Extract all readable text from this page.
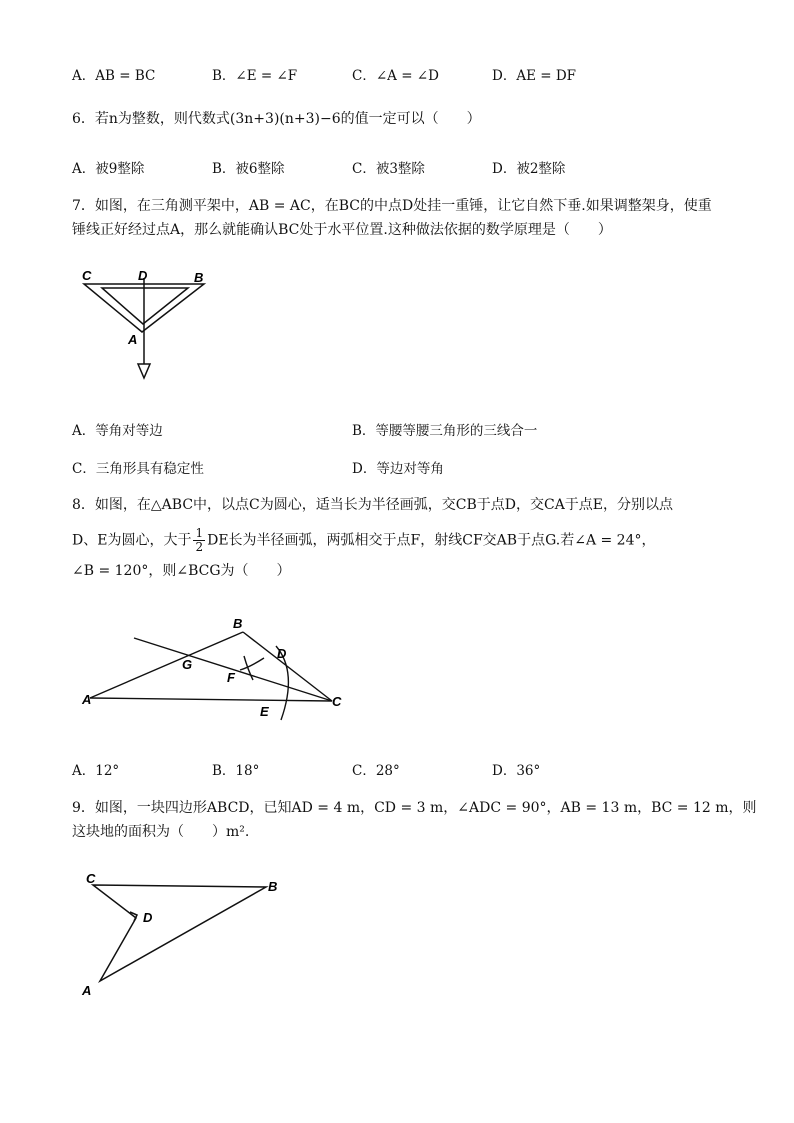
A．AB = BC	B．∠E = ∠F	C．∠A = ∠D	D．AE = DF
6．若n为整数，则代数式(3n+3)(n+3)−6的值一定可以（　　）
A．被9整除	B．被6整除	C．被3整除	D．被2整除
7．如图，在三角测平架中，AB = AC，在BC的中点D处挂一重锤，让它自然下垂.如果调整架身，使重
锤线正好经过点A，那么就能确认BC处于水平位置.这种做法依据的数学原理是（　　）
C	D	B
A
A．等角对等边	B．等腰等腰三角形的三线合一
C．三角形具有稳定性	D．等边对等角
8．如图，在△ABC中，以点C为圆心，适当长为半径画弧，交CB于点D，交CA于点E，分别以点
D、E为圆心，大于 $\frac{1}{2}$ DE长为半径画弧，两弧相交于点F，射线CF交AB于点G.若∠A = 24°，
∠B = 120°，则∠BCG为（　　）
A
B
C
D
E
F
G
A．12°	B．18°	C．28°	D．36°
9．如图，一块四边形ABCD，已知AD = 4 m，CD = 3 m，∠ADC = 90°，AB = 13 m，BC = 12 m，则
这块地的面积为（　　）m².
C
B
D
A
